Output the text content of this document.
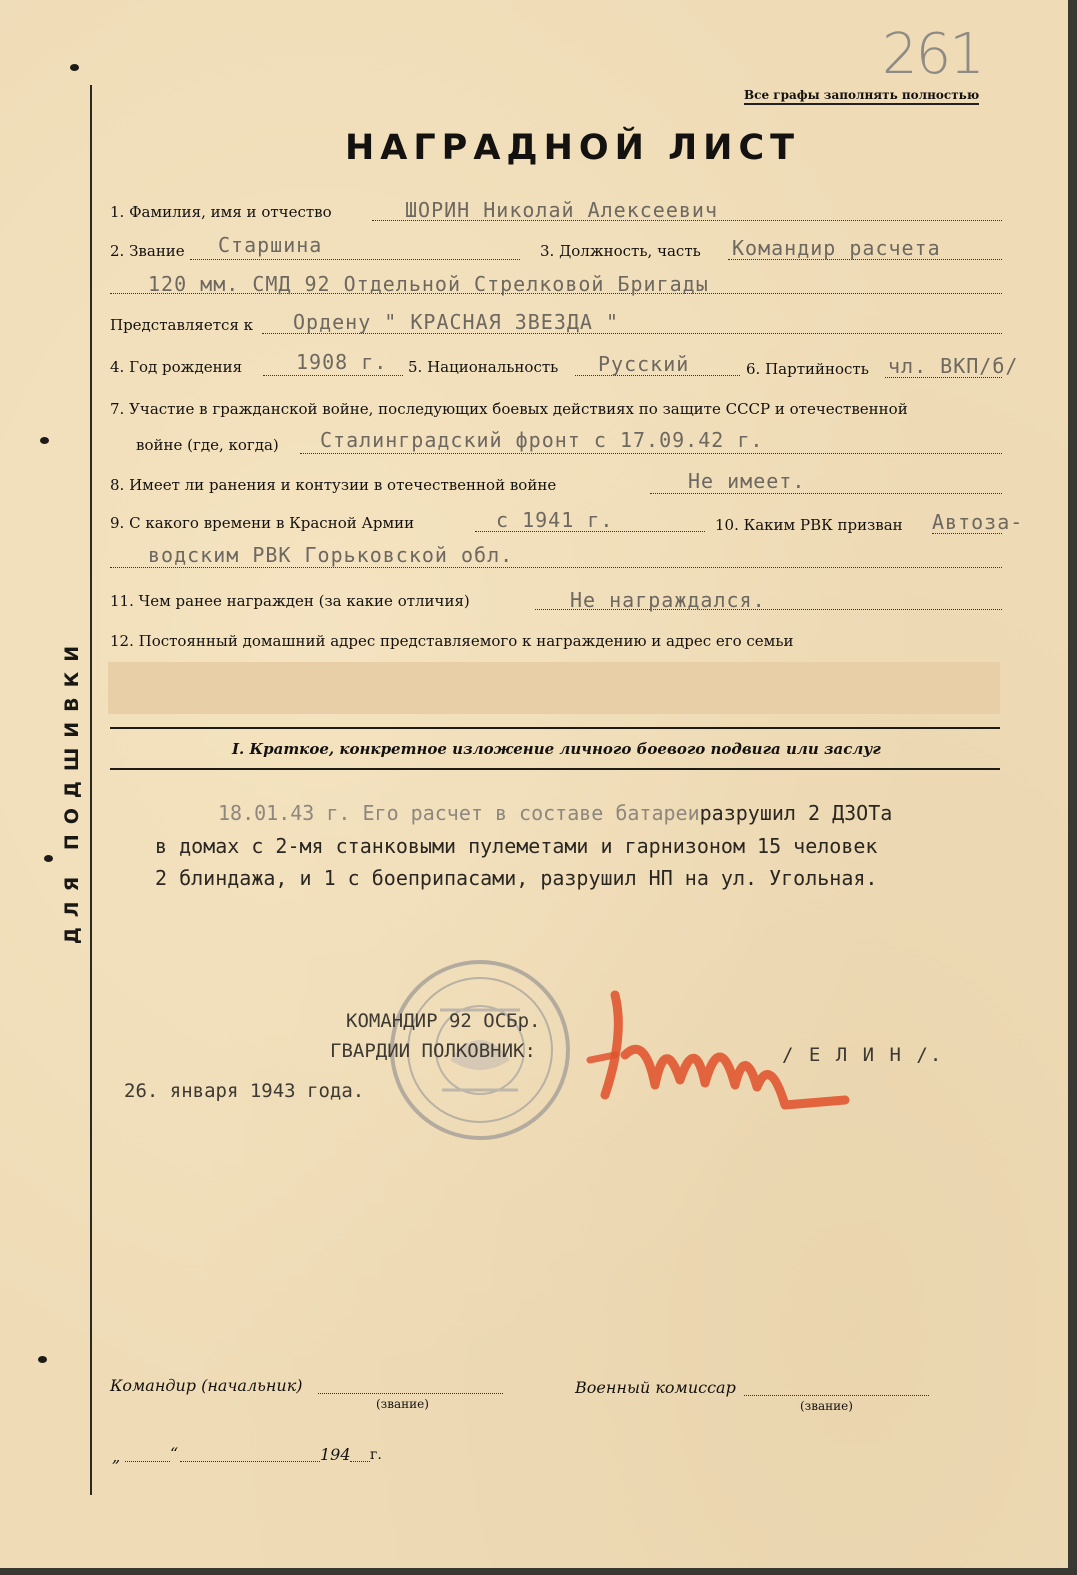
ДЛЯ ПОДШИВКИ
261
Все графы заполнять полностью
НАГРАДНОЙ ЛИСТ
1. Фамилия, имя и отчество	ШОРИН Николай Алексеевич
2. Звание Старшина	3. Должность, часть Командир расчета
120 мм. СМД 92 Отдельной Стрелковой Бригады
Представляется к Ордену " КРАСНАЯ ЗВЕЗДА "
4. Год рождения	1908 г. 5. Национальность Русский	6. Партийность чл. ВКП/б/
7. Участие в гражданской войне, последующих боевых действиях по защите СССР и отечественной
войне (где, когда) Сталинградский фронт с 17.09.42 г.
8. Имеет ли ранения и контузии в отечественной войне	Не имеет.
9. С какого времени в Красной Армии	с 1941 г.	10. Каким РВК призван Автоза-
водским РВК Горьковской обл.
11. Чем ранее награжден (за какие отличия)	Не награждался.
12. Постоянный домашний адрес представляемого к награждению и адрес его семьи
I. Краткое, конкретное изложение личного боевого подвига или заслуг
18.01.43 г. Его расчет в составе батареиразрушил 2 ДЗОТа
в домах с 2-мя станковыми пулеметами и гарнизоном 15 человек
2 блиндажа, и 1 с боеприпасами, разрушил НП на ул. Угольная.
КОМАНДИР 92 ОСБр.
ГВАРДИИ ПОЛКОВНИК:	/ Е Л И Н /.
26. января 1943 года.
Командир (начальник)
(звание)
Военный комиссар
(звание)
„	“	194 г.
